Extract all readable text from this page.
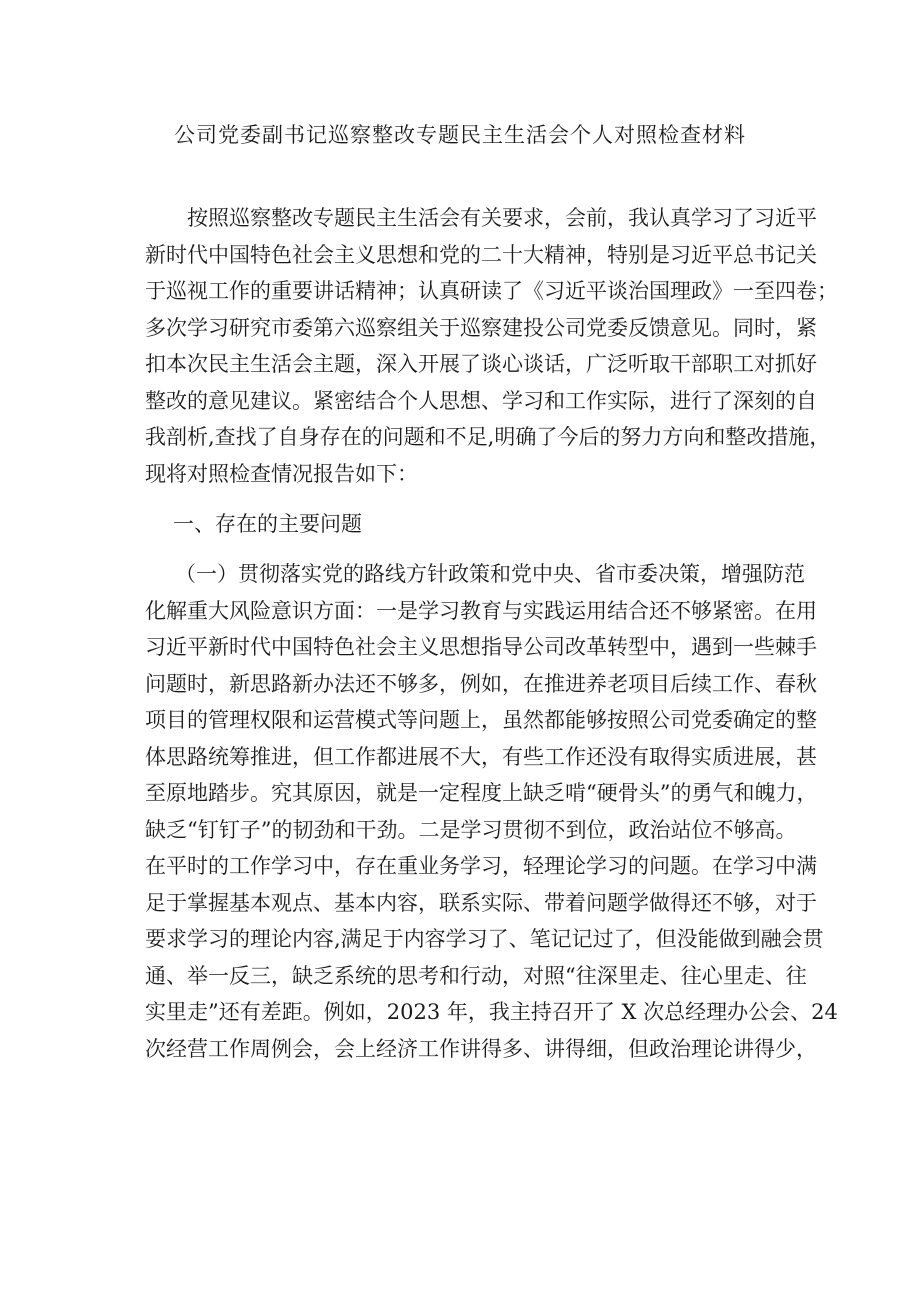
公司党委副书记巡察整改专题民主生活会个人对照检查材料
按照巡察整改专题民主生活会有关要求，会前，我认真学习了习近平
新时代中国特色社会主义思想和党的二十大精神，特别是习近平总书记关
于巡视工作的重要讲话精神；认真研读了《习近平谈治国理政》一至四卷；
多次学习研究市委第六巡察组关于巡察建投公司党委反馈意见。同时，紧
扣本次民主生活会主题，深入开展了谈心谈话，广泛听取干部职工对抓好
整改的意见建议。紧密结合个人思想、学习和工作实际，进行了深刻的自
我剖析,查找了自身存在的问题和不足,明确了今后的努力方向和整改措施，
现将对照检查情况报告如下：
一、存在的主要问题
（一）贯彻落实党的路线方针政策和党中央、省市委决策，增强防范
化解重大风险意识方面：一是学习教育与实践运用结合还不够紧密。在用
习近平新时代中国特色社会主义思想指导公司改革转型中，遇到一些棘手
问题时，新思路新办法还不够多，例如，在推进养老项目后续工作、春秋
项目的管理权限和运营模式等问题上，虽然都能够按照公司党委确定的整
体思路统筹推进，但工作都进展不大，有些工作还没有取得实质进展，甚
至原地踏步。究其原因，就是一定程度上缺乏啃“硬骨头”的勇气和魄力，
缺乏“钉钉子”的韧劲和干劲。二是学习贯彻不到位，政治站位不够高。
在平时的工作学习中，存在重业务学习，轻理论学习的问题。在学习中满
足于掌握基本观点、基本内容，联系实际、带着问题学做得还不够，对于
要求学习的理论内容,满足于内容学习了、笔记记过了，但没能做到融会贯
通、举一反三，缺乏系统的思考和行动，对照“往深里走、往心里走、往
实里走”还有差距。例如，2023 年，我主持召开了 X 次总经理办公会、24
次经营工作周例会，会上经济工作讲得多、讲得细，但政治理论讲得少，
